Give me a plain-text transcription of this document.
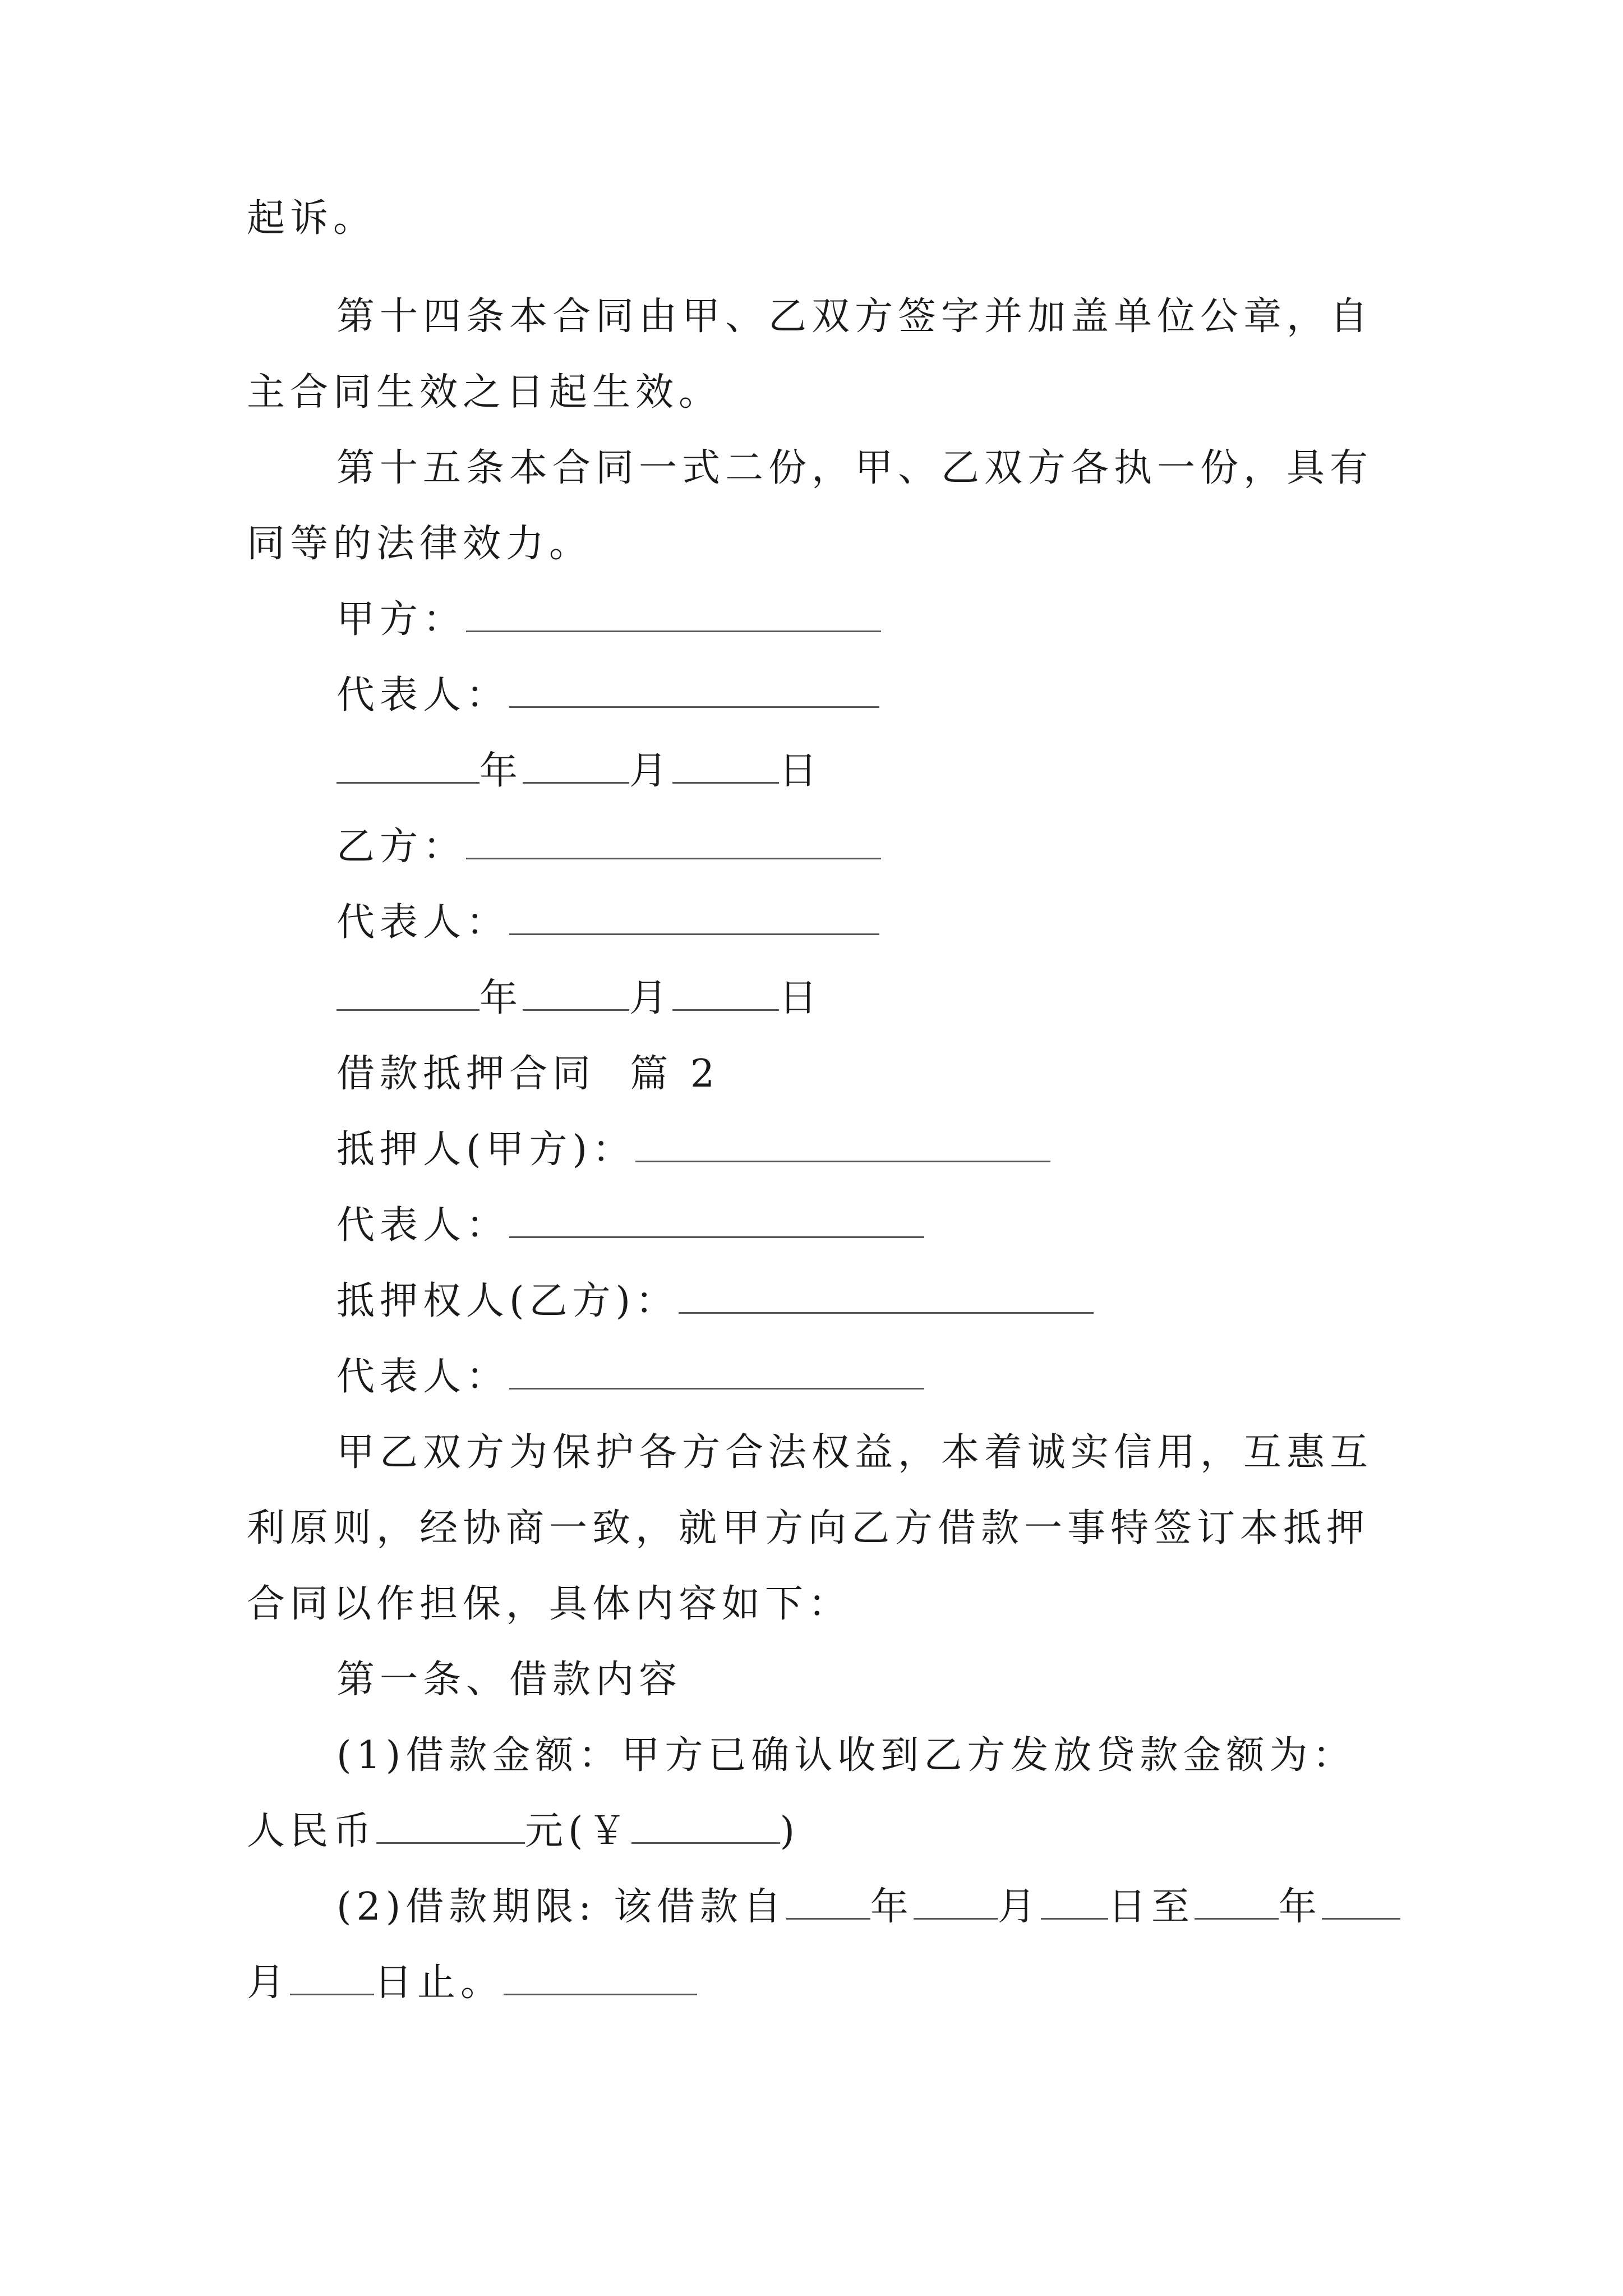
起诉。
第十四条本合同由甲、乙双方签字并加盖单位公章，自
主合同生效之日起生效。
第十五条本合同一式二份，甲、乙双方各执一份，具有
同等的法律效力。
甲方：
代表人：
年	月	日
乙方：
代表人：
年	月	日
借款抵押合同  篇 2
抵押人(甲方)：
代表人：
抵押权人(乙方)：
代表人：
甲乙双方为保护各方合法权益，本着诚实信用，互惠互
利原则，经协商一致，就甲方向乙方借款一事特签订本抵押
合同以作担保，具体内容如下：
第一条、借款内容
(1)借款金额：甲方已确认收到乙方发放贷款金额为：
人民币	元(￥	)
(2)借款期限: 该借款自 年 月 日至 年
月 日止。
